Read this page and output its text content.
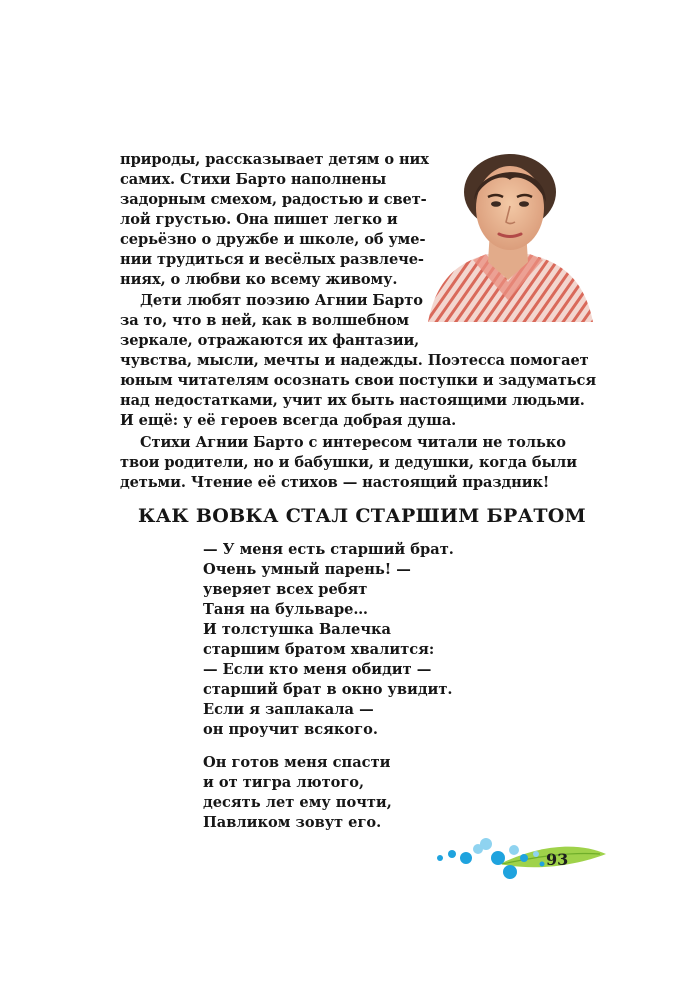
природы, рассказывает детям о них
самих. Стихи Барто наполнены
задорным смехом, радостью и свет-
лой грустью. Она пишет легко и
серьёзно о дружбе и школе, об уме-
нии трудиться и весёлых развлече-
ниях, о любви ко всему живому.
Дети любят поэзию Агнии Барто
за то, что в ней, как в волшебном
зеркале, отражаются их фантазии,
чувства, мысли, мечты и надежды. Поэтесса помогает
юным читателям осознать свои поступки и задуматься
над недостатками, учит их быть настоящими людьми.
И ещё: у её героев всегда добрая душа.
Стихи Агнии Барто с интересом читали не только
твои родители, но и бабушки, и дедушки, когда были
детьми. Чтение её стихов — настоящий праздник!
КАК ВОВКА СТАЛ СТАРШИМ БРАТОМ
— У меня есть старший брат.
Очень умный парень! —
уверяет всех ребят
Таня на бульваре…
И толстушка Валечка
старшим братом хвалится:
— Если кто меня обидит —
старший брат в окно увидит.
Если я заплакала —
он проучит всякого.
Он готов меня спасти
и от тигра лютого,
десять лет ему почти,
Павликом зовут его.
93
